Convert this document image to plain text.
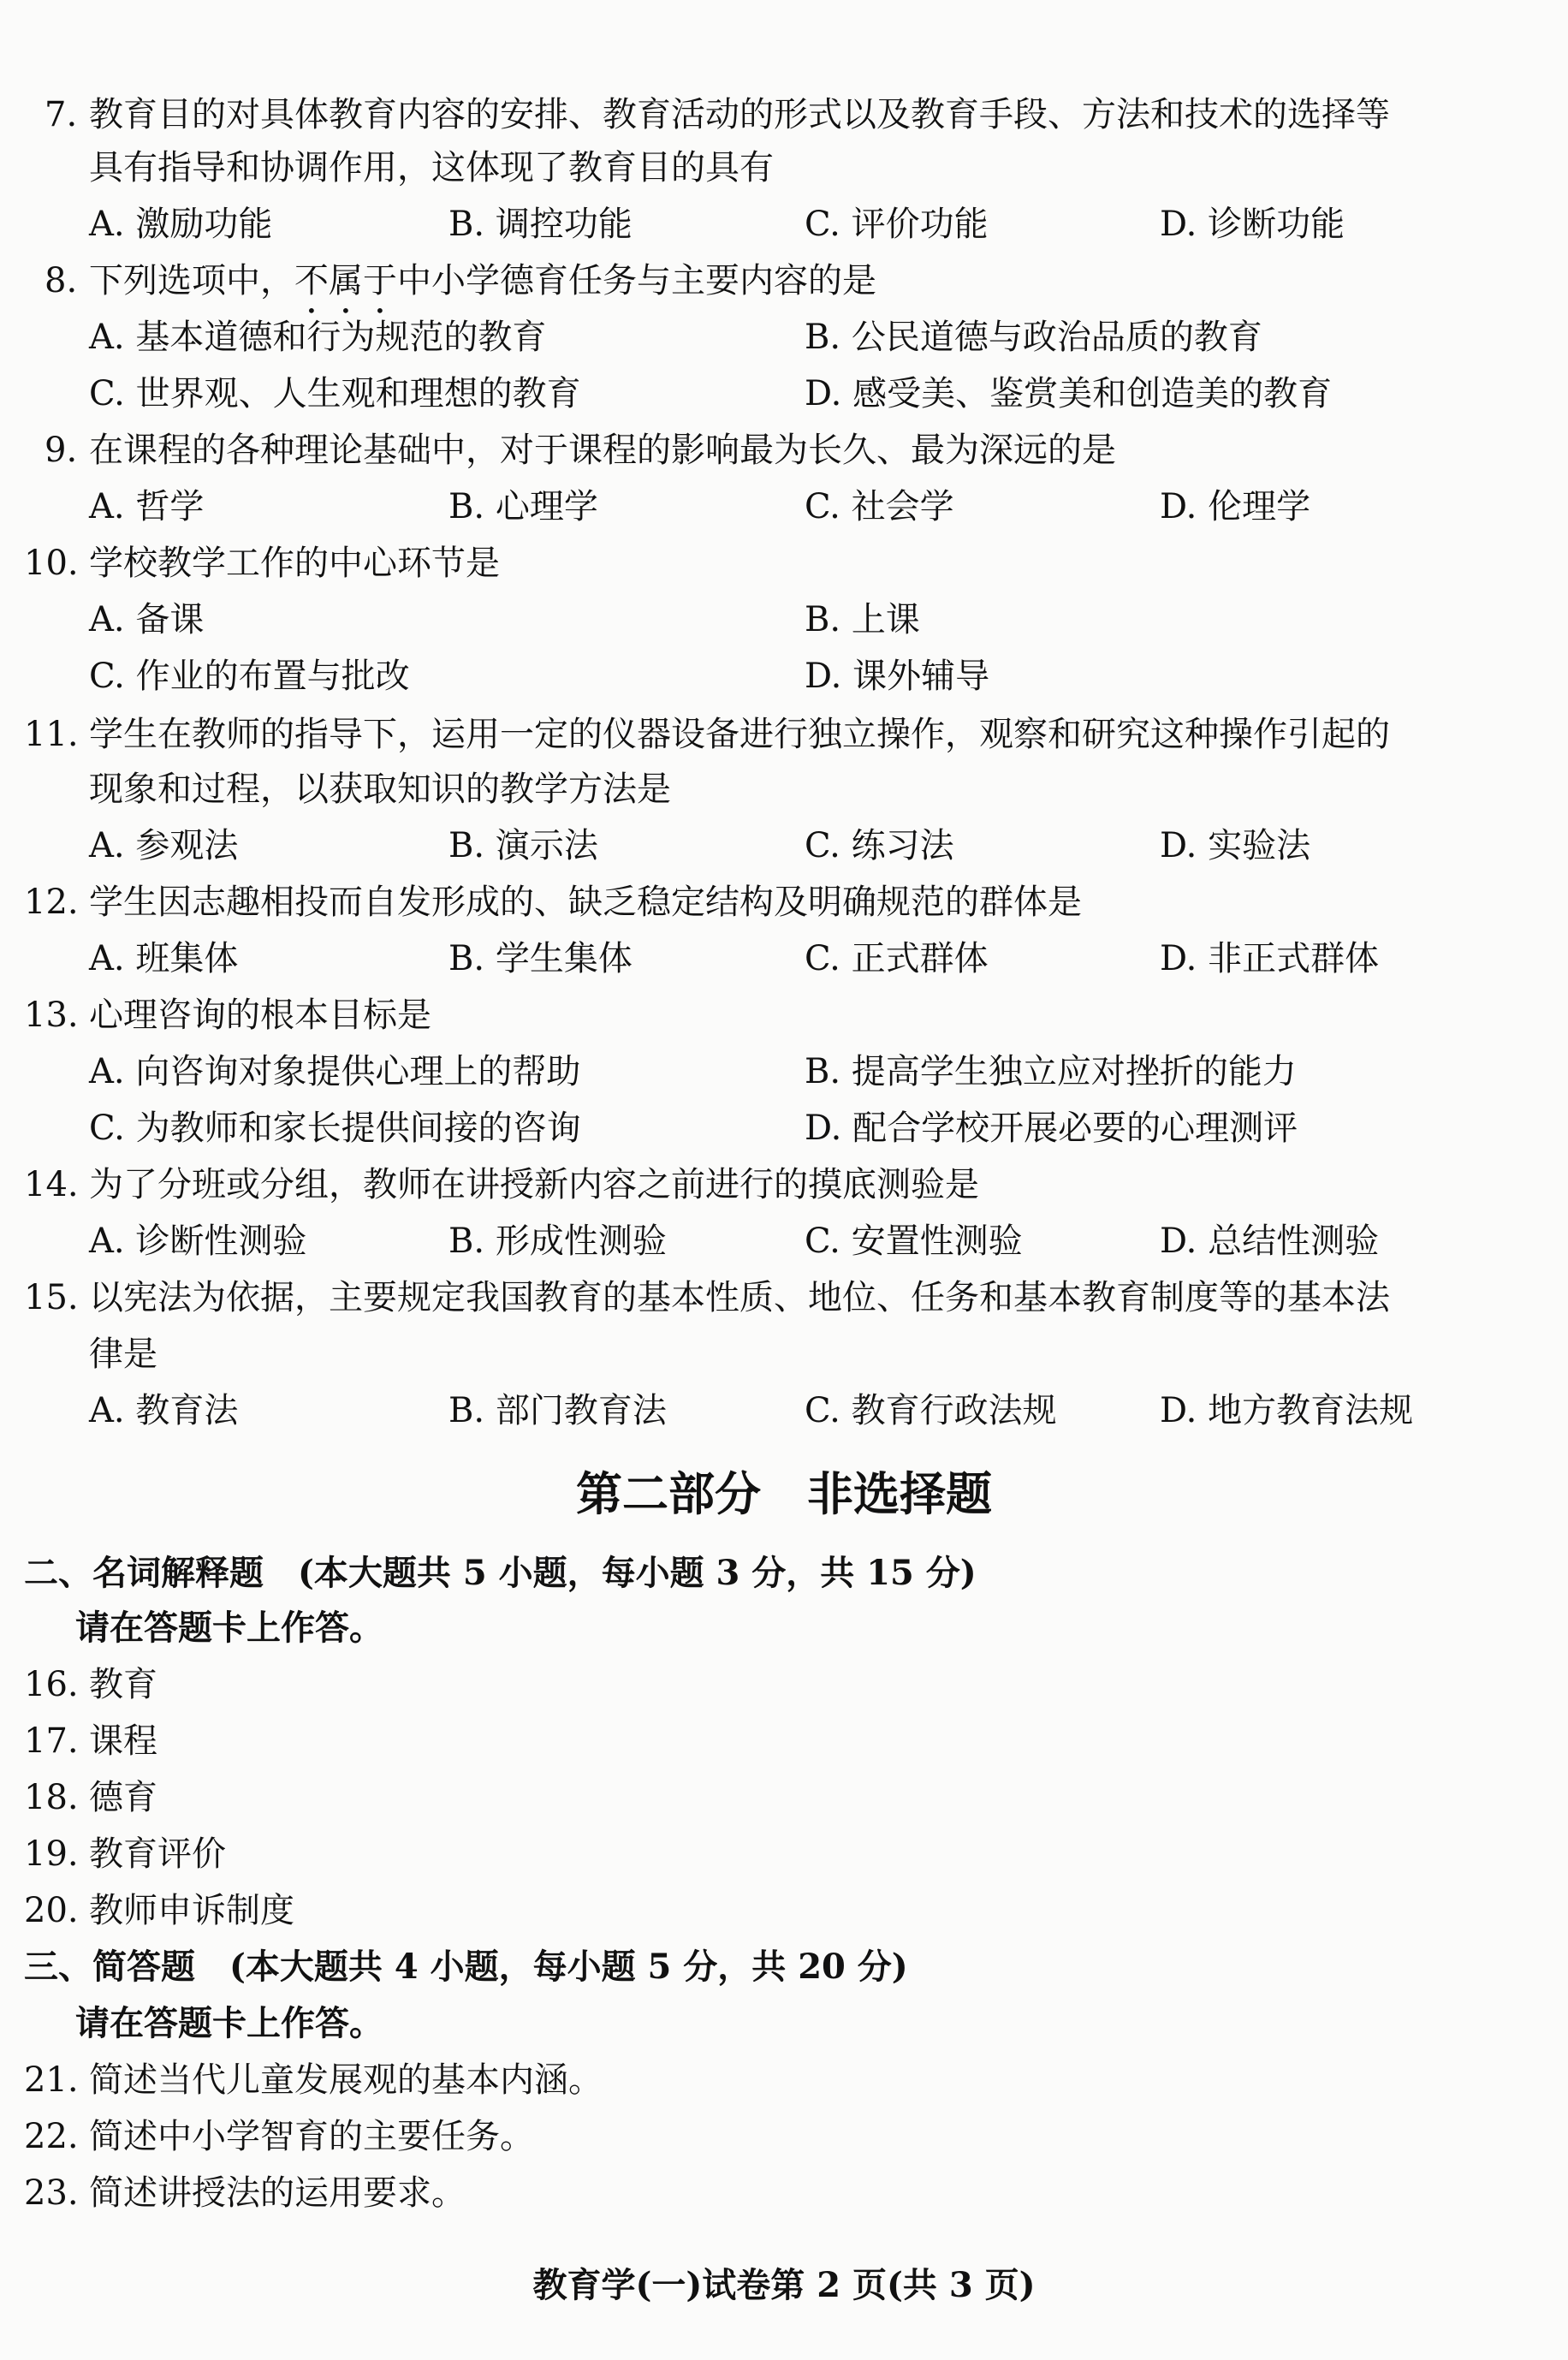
7. 教育目的对具体教育内容的安排、教育活动的形式以及教育手段、方法和技术的选择等
具有指导和协调作用，这体现了教育目的具有
A. 激励功能	B. 调控功能	C. 评价功能	D. 诊断功能
8. 下列选项中，不属于中小学德育任务与主要内容的是
A. 基本道德和行为规范的教育	B. 公民道德与政治品质的教育
C. 世界观、人生观和理想的教育	D. 感受美、鉴赏美和创造美的教育
9. 在课程的各种理论基础中，对于课程的影响最为长久、最为深远的是
A. 哲学	B. 心理学	C. 社会学	D. 伦理学
10. 学校教学工作的中心环节是
A. 备课	B. 上课
C. 作业的布置与批改	D. 课外辅导
11. 学生在教师的指导下，运用一定的仪器设备进行独立操作，观察和研究这种操作引起的
现象和过程，以获取知识的教学方法是
A. 参观法	B. 演示法	C. 练习法	D. 实验法
12. 学生因志趣相投而自发形成的、缺乏稳定结构及明确规范的群体是
A. 班集体	B. 学生集体	C. 正式群体	D. 非正式群体
13. 心理咨询的根本目标是
A. 向咨询对象提供心理上的帮助	B. 提高学生独立应对挫折的能力
C. 为教师和家长提供间接的咨询	D. 配合学校开展必要的心理测评
14. 为了分班或分组，教师在讲授新内容之前进行的摸底测验是
A. 诊断性测验	B. 形成性测验	C. 安置性测验	D. 总结性测验
15. 以宪法为依据，主要规定我国教育的基本性质、地位、任务和基本教育制度等的基本法
律是
A. 教育法	B. 部门教育法	C. 教育行政法规	D. 地方教育法规
第二部分　非选择题
二、名词解释题　(本大题共 5 小题，每小题 3 分，共 15 分)
请在答题卡上作答。
16. 教育
17. 课程
18. 德育
19. 教育评价
20. 教师申诉制度
三、简答题　(本大题共 4 小题，每小题 5 分，共 20 分)
请在答题卡上作答。
21. 简述当代儿童发展观的基本内涵。
22. 简述中小学智育的主要任务。
23. 简述讲授法的运用要求。
教育学(一)试卷第 2 页(共 3 页)
